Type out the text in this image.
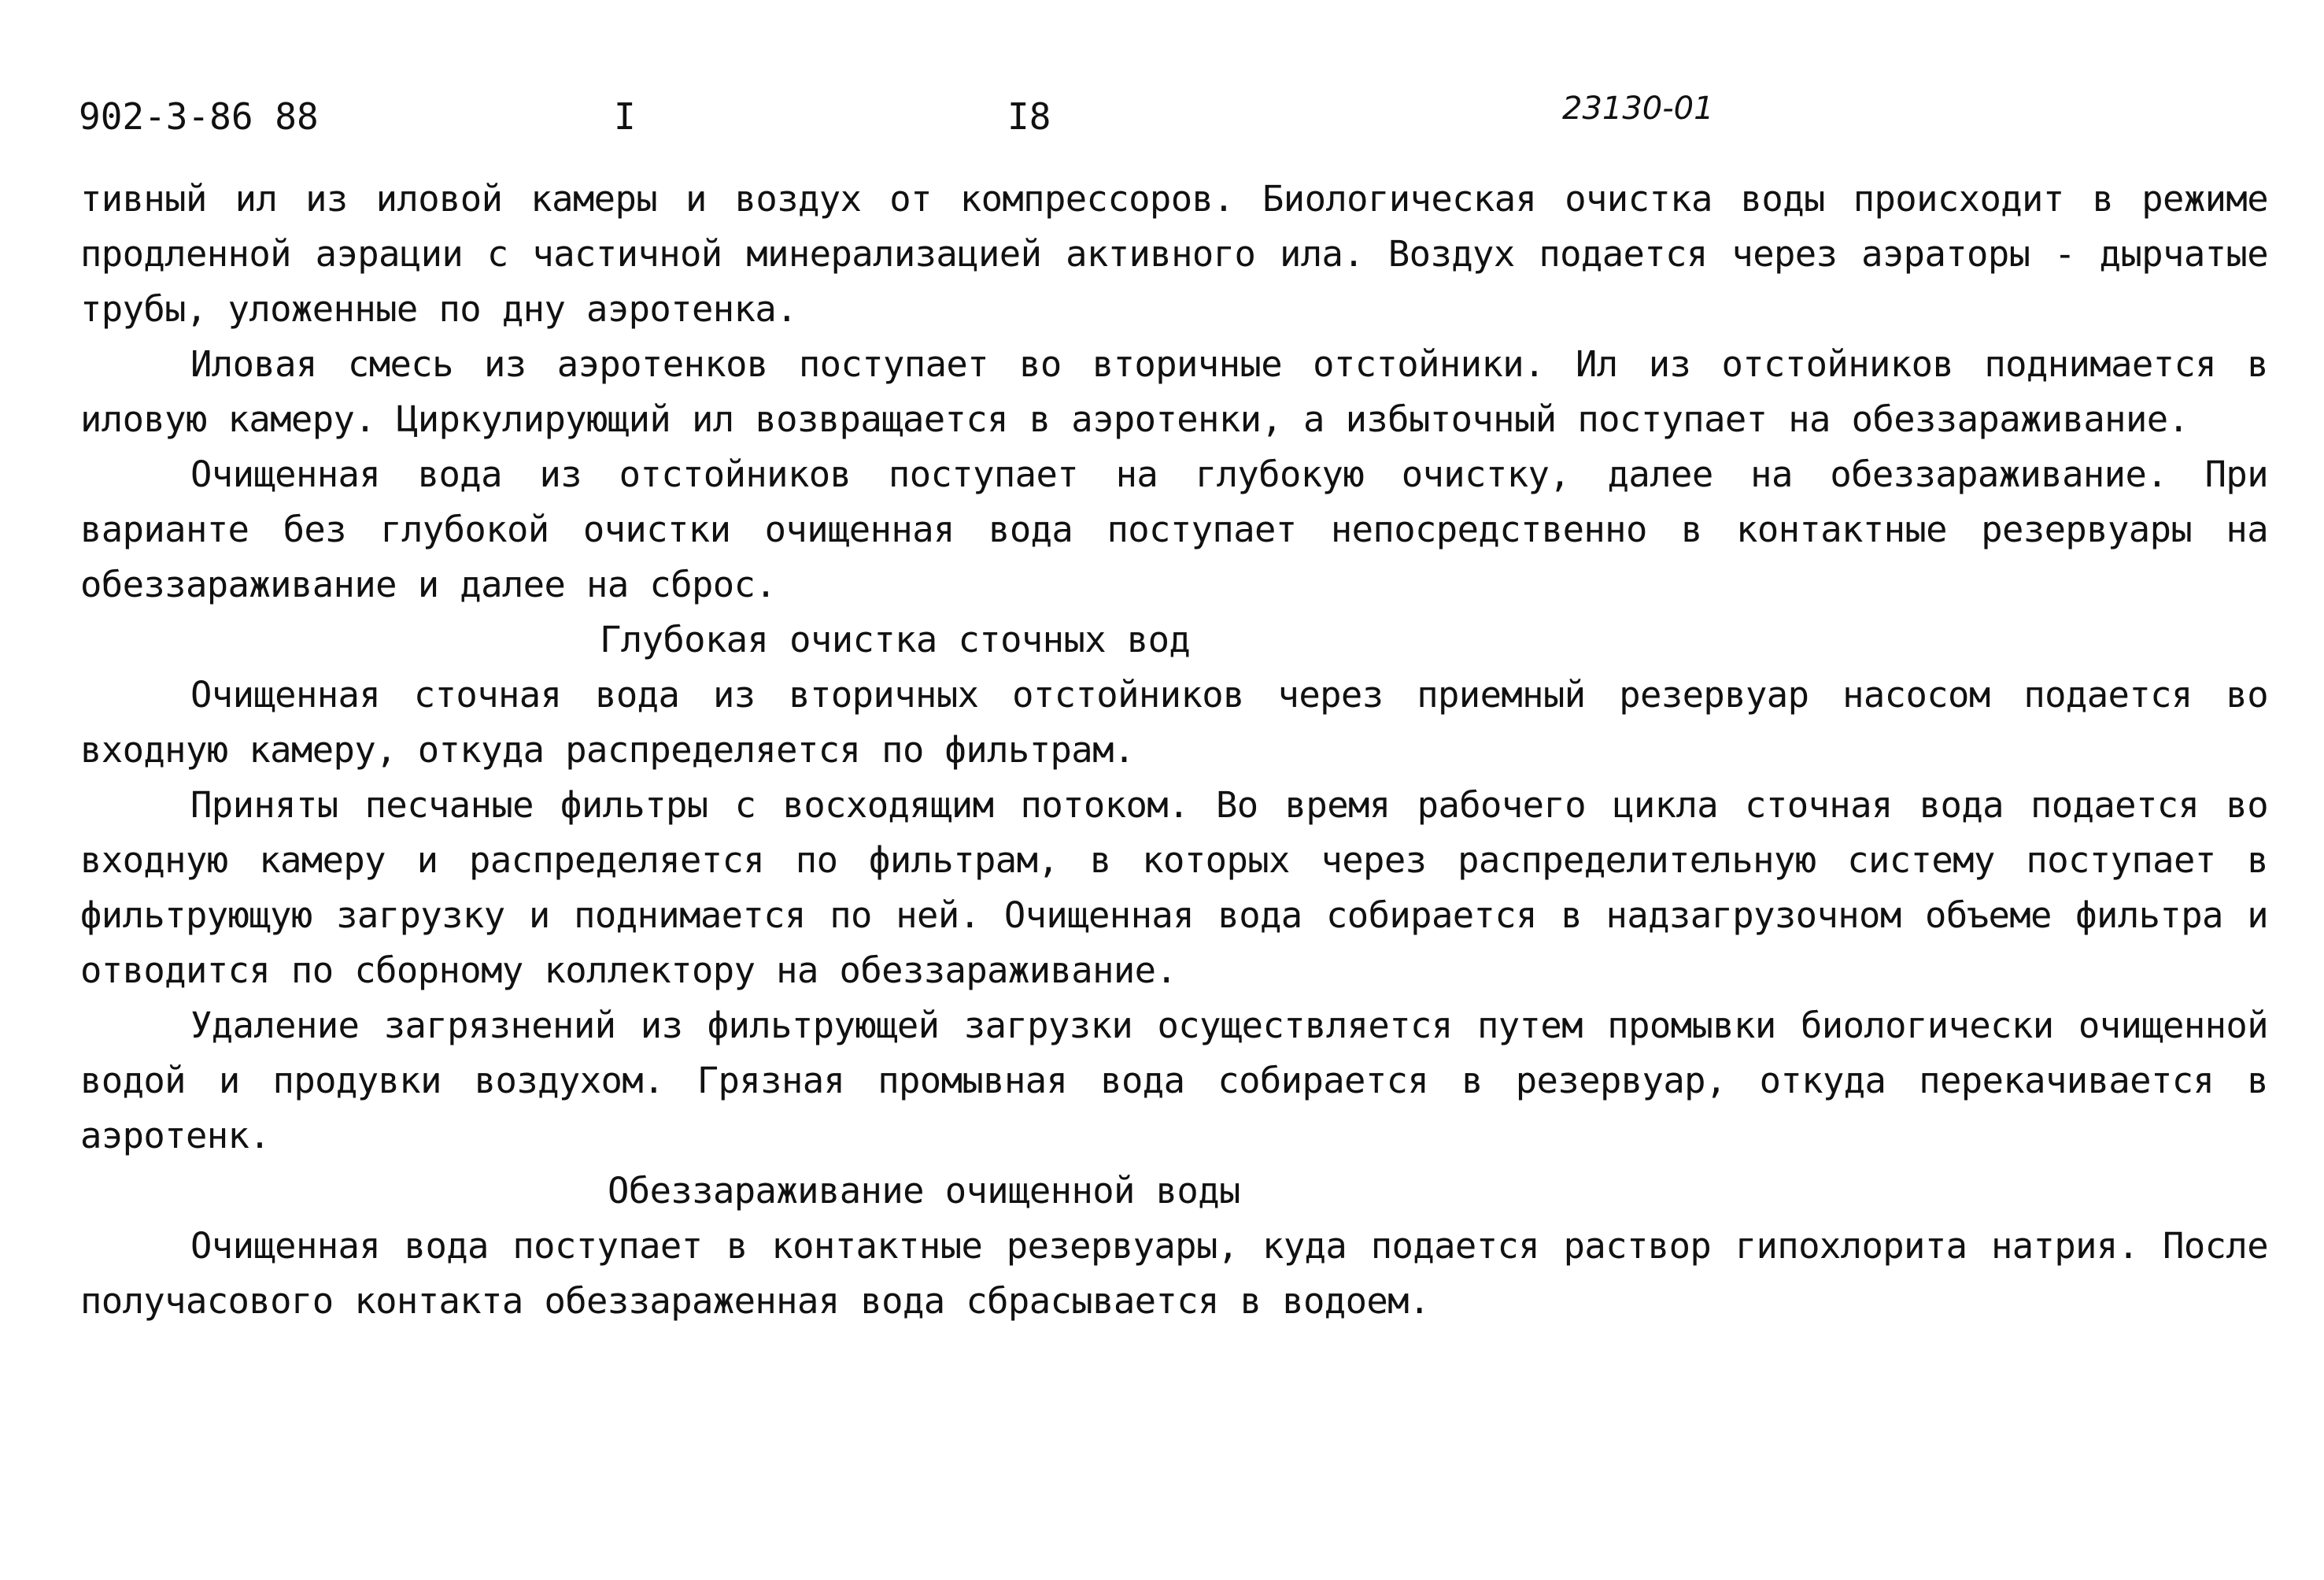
902-3-86 88	I	I8	23130-01

тивный ил из иловой камеры и воздух от компрессоров. Биологическая очистка воды происходит в режиме продленной аэрации с частичной минерализацией активного ила. Воздух подается через аэраторы - дырчатые трубы, уложенные по дну аэротенка.

Иловая смесь из аэротенков поступает во вторичные отстойники. Ил из отстойников поднимается в иловую камеру. Циркулирующий ил возвращается в аэротенки, а избыточный поступает на обеззараживание.

Очищенная вода из отстойников поступает на глубокую очистку, далее на обеззараживание. При варианте без глубокой очистки очищенная вода поступает непосредственно в контактные резервуары на обеззараживание и далее на сброс.

Глубокая очистка сточных вод

Очищенная сточная вода из вторичных отстойников через приемный резервуар насосом подается во входную камеру, откуда распределяется по фильтрам.

Приняты песчаные фильтры с восходящим потоком. Во время рабочего цикла сточная вода подается во входную камеру и распределяется по фильтрам, в которых через распределительную систему поступает в фильтрующую загрузку и поднимается по ней. Очищенная вода собирается в надзагрузочном объеме фильтра и отводится по сборному коллектору на обеззараживание.

Удаление загрязнений из фильтрующей загрузки осуществляется путем промывки биологически очищенной водой и продувки воздухом. Грязная промывная вода собирается в резервуар, откуда перекачивается в аэротенк.

Обеззараживание очищенной воды

Очищенная вода поступает в контактные резервуары, куда подается раствор гипохлорита натрия. После получасового контакта обеззараженная вода сбрасывается в водоем.
